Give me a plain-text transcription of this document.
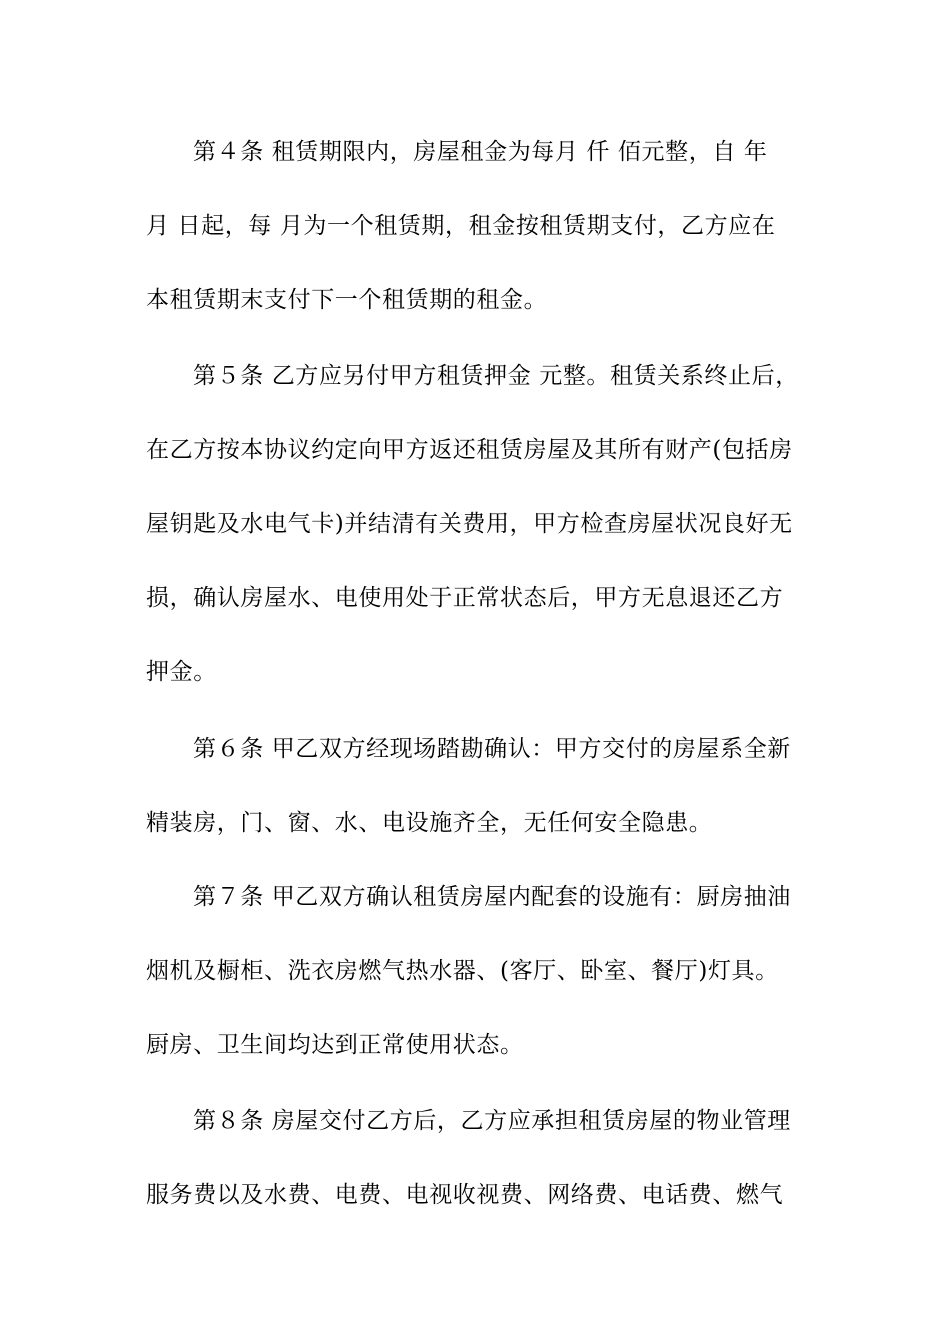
第４条 租赁期限内，房屋租金为每月 仟 佰元整，自 年
月 日起，每 月为一个租赁期，租金按租赁期支付，乙方应在
本租赁期末支付下一个租赁期的租金。
第５条 乙方应另付甲方租赁押金 元整。租赁关系终止后，
在乙方按本协议约定向甲方返还租赁房屋及其所有财产(包括房
屋钥匙及水电气卡)并结清有关费用，甲方检查房屋状况良好无
损，确认房屋水、电使用处于正常状态后，甲方无息退还乙方
押金。
第６条 甲乙双方经现场踏勘确认：甲方交付的房屋系全新
精装房，门、窗、水、电设施齐全，无任何安全隐患。
第７条 甲乙双方确认租赁房屋内配套的设施有：厨房抽油
烟机及橱柜、洗衣房燃气热水器、(客厅、卧室、餐厅)灯具。
厨房、卫生间均达到正常使用状态。
第８条 房屋交付乙方后，乙方应承担租赁房屋的物业管理
服务费以及水费、电费、电视收视费、网络费、电话费、燃气
